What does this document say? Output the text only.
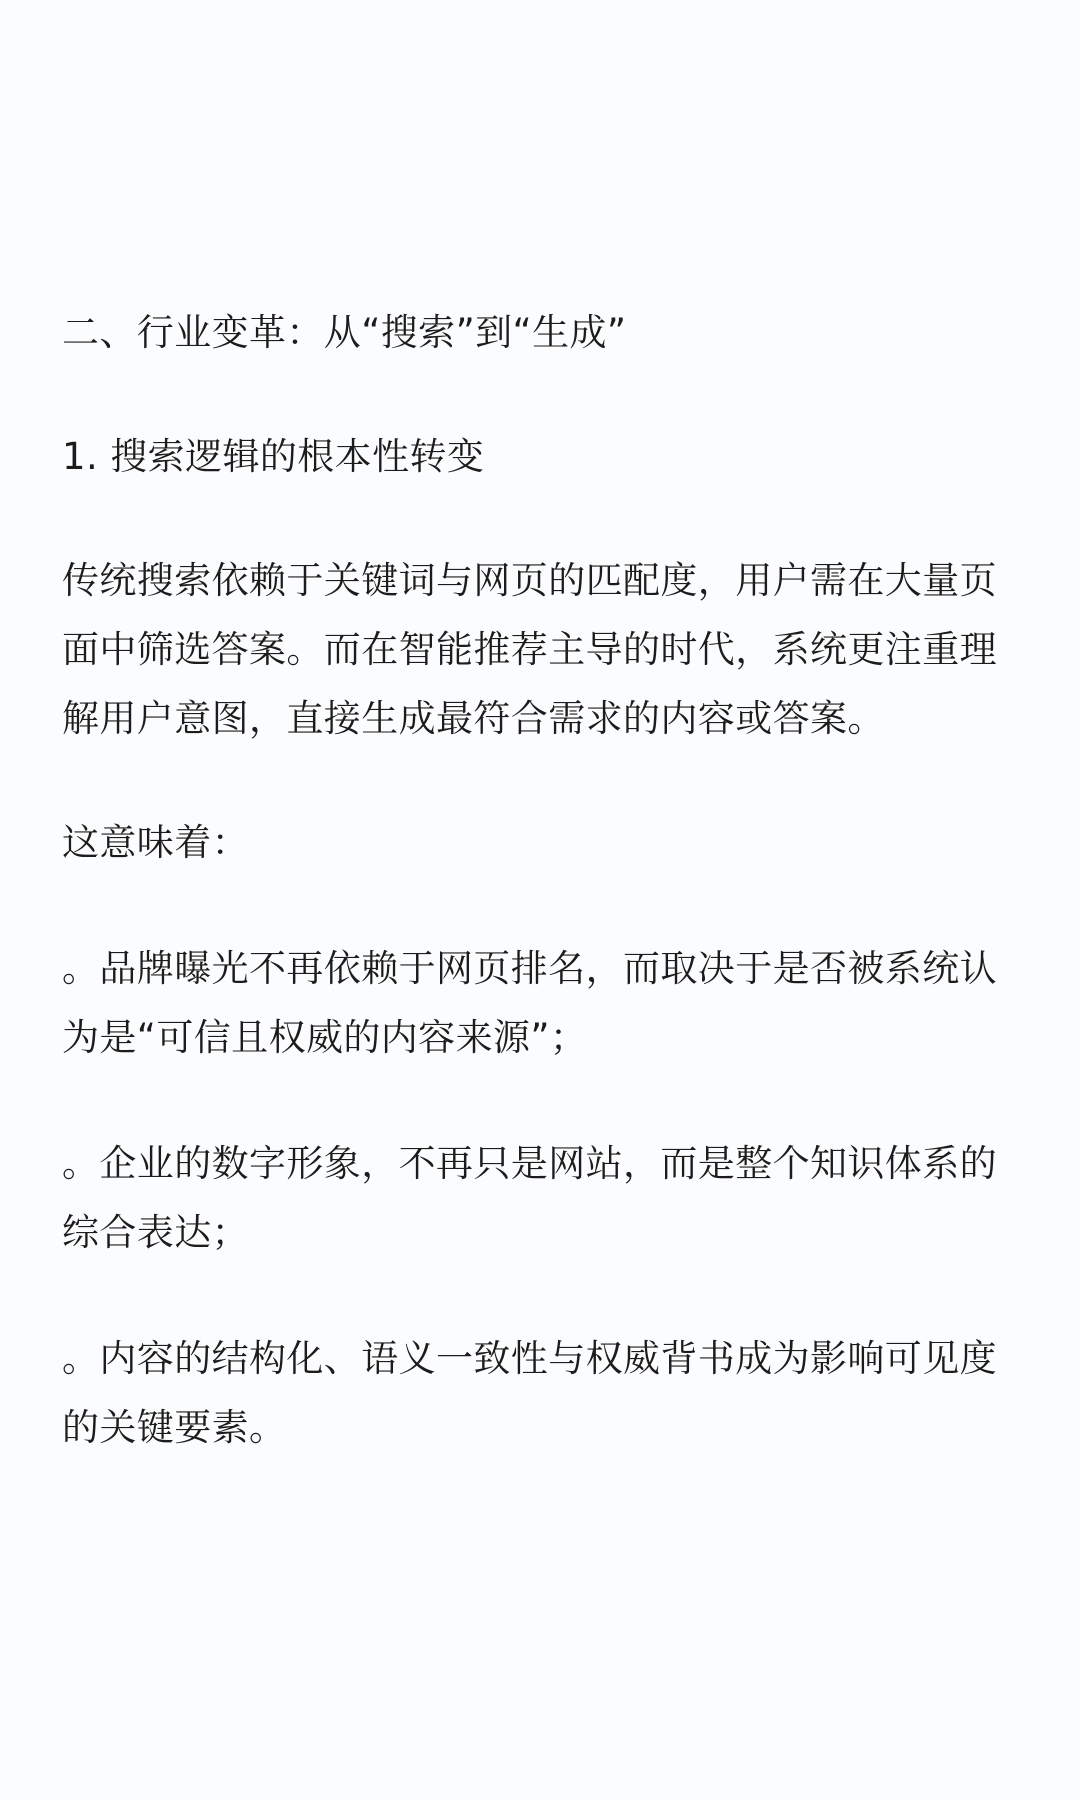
二、行业变革：从“搜索”到“生成”

1. 搜索逻辑的根本性转变

传统搜索依赖于关键词与网页的匹配度，用户需在大量页面中筛选答案。而在智能推荐主导的时代，系统更注重理解用户意图，直接生成最符合需求的内容或答案。

这意味着：

。品牌曝光不再依赖于网页排名，而取决于是否被系统认为是“可信且权威的内容来源”；

。企业的数字形象，不再只是网站，而是整个知识体系的综合表达；

。内容的结构化、语义一致性与权威背书成为影响可见度的关键要素。
